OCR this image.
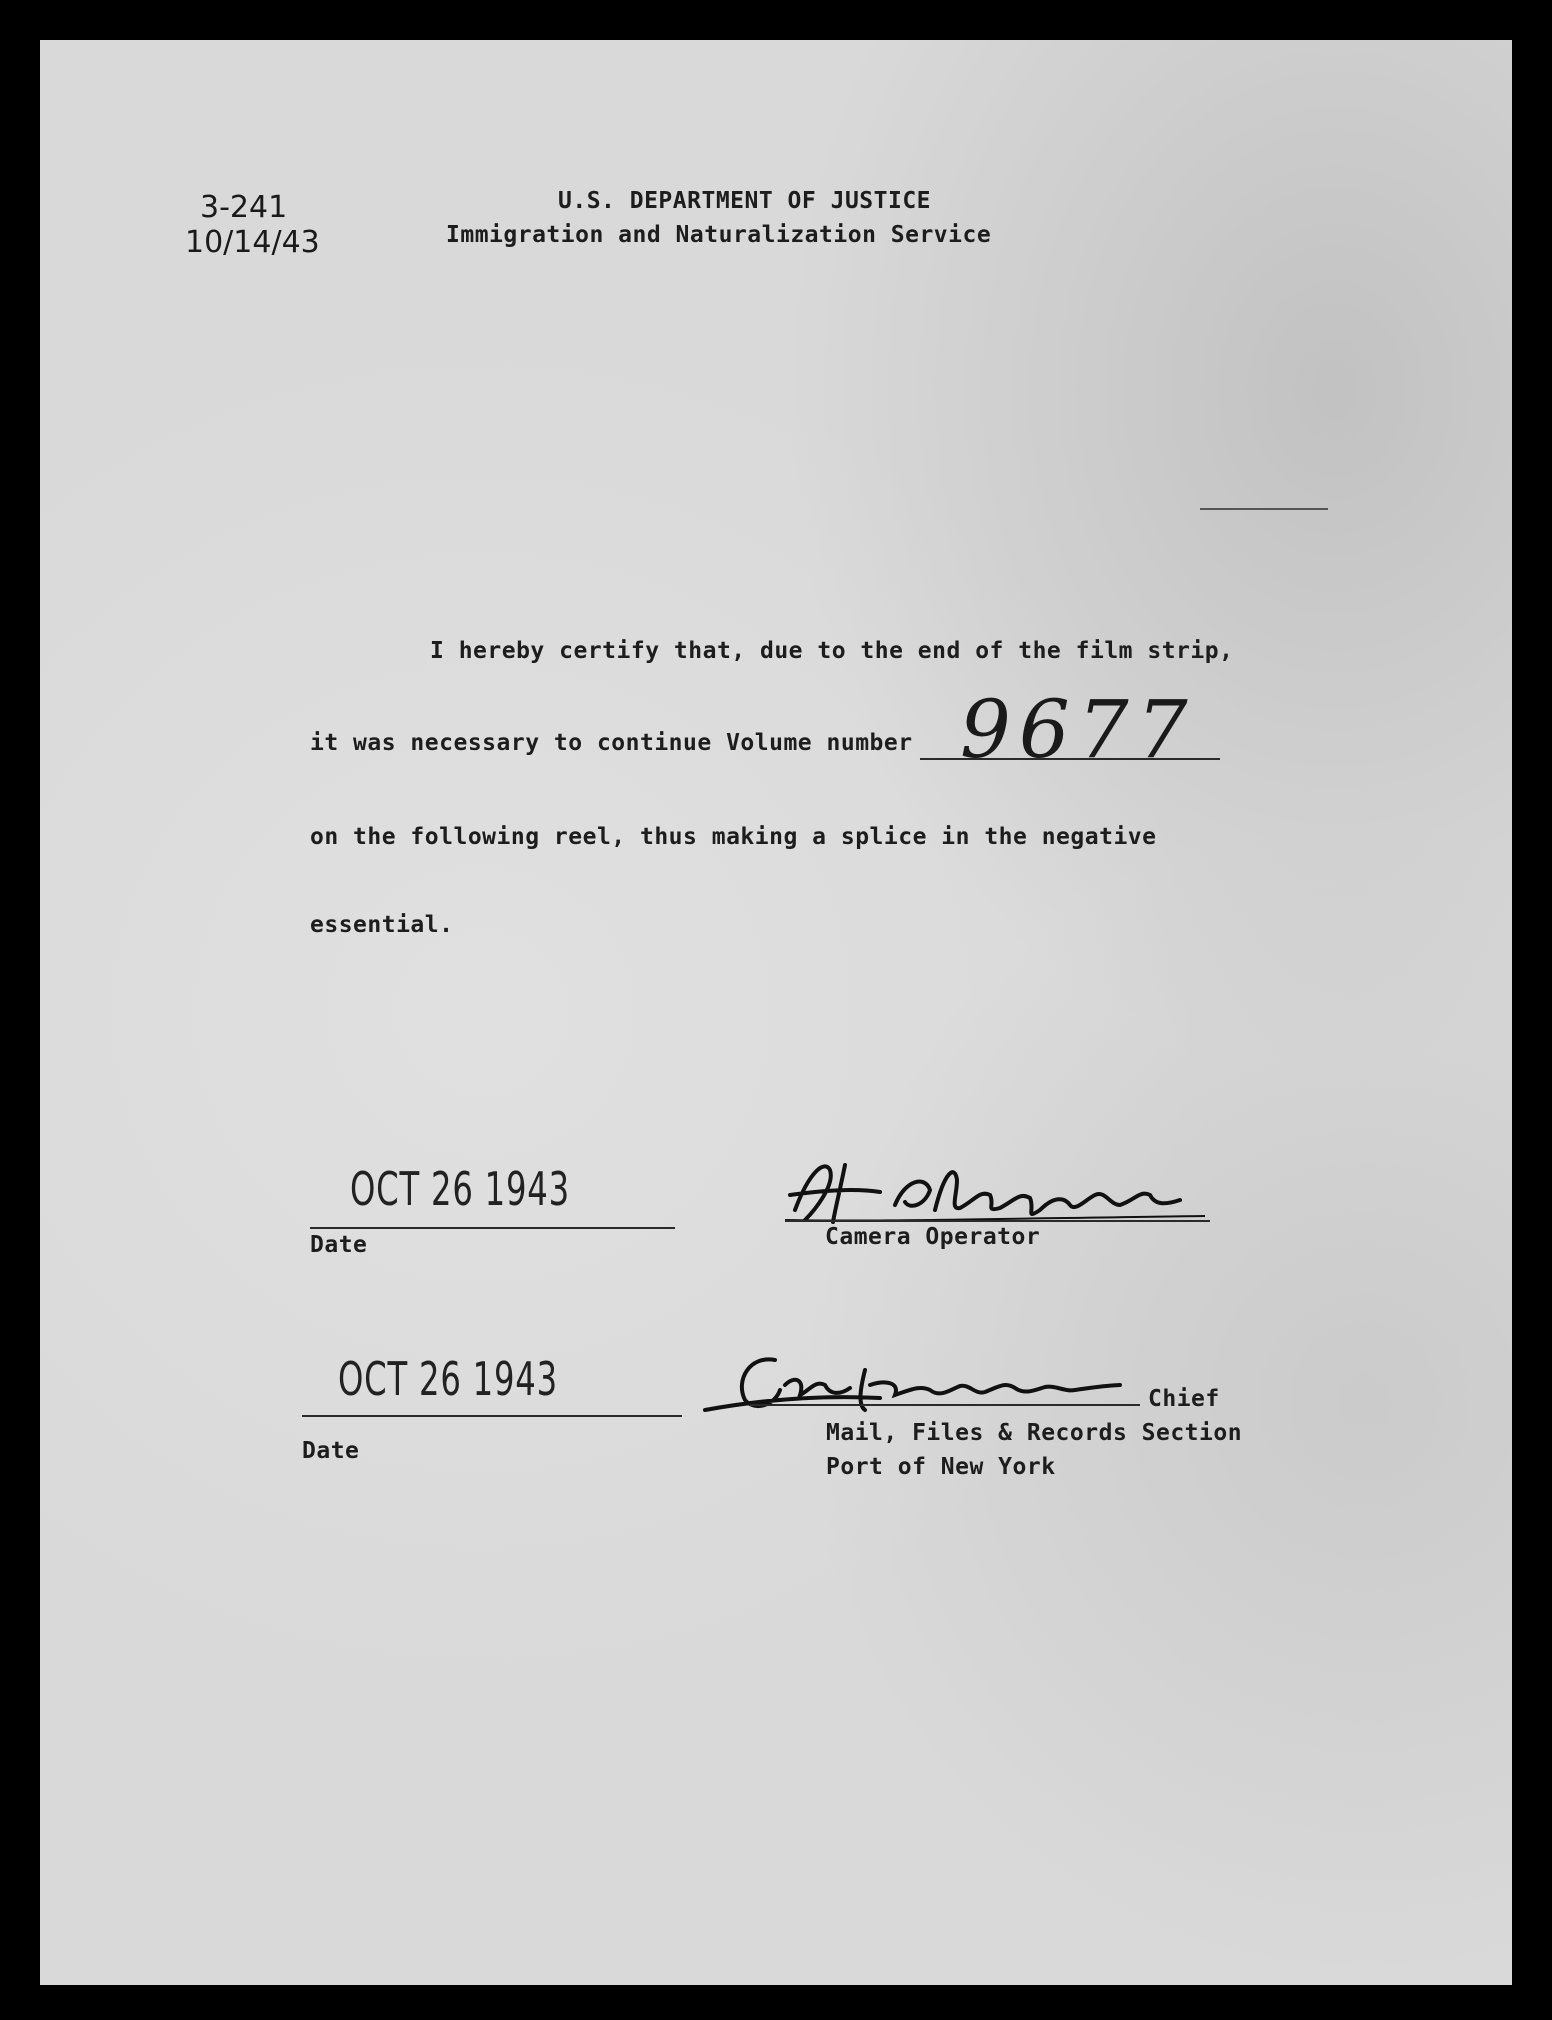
3-241
10/14/43
U.S. DEPARTMENT OF JUSTICE
Immigration and Naturalization Service
I hereby certify that, due to the end of the film strip,
it was necessary to continue Volume number 9677
on the following reel, thus making a splice in the negative
essential.
OCT 26 1943
Date	Camera Operator
OCT 26 1943
Date
Chief
Mail, Files & Records Section
Port of New York
